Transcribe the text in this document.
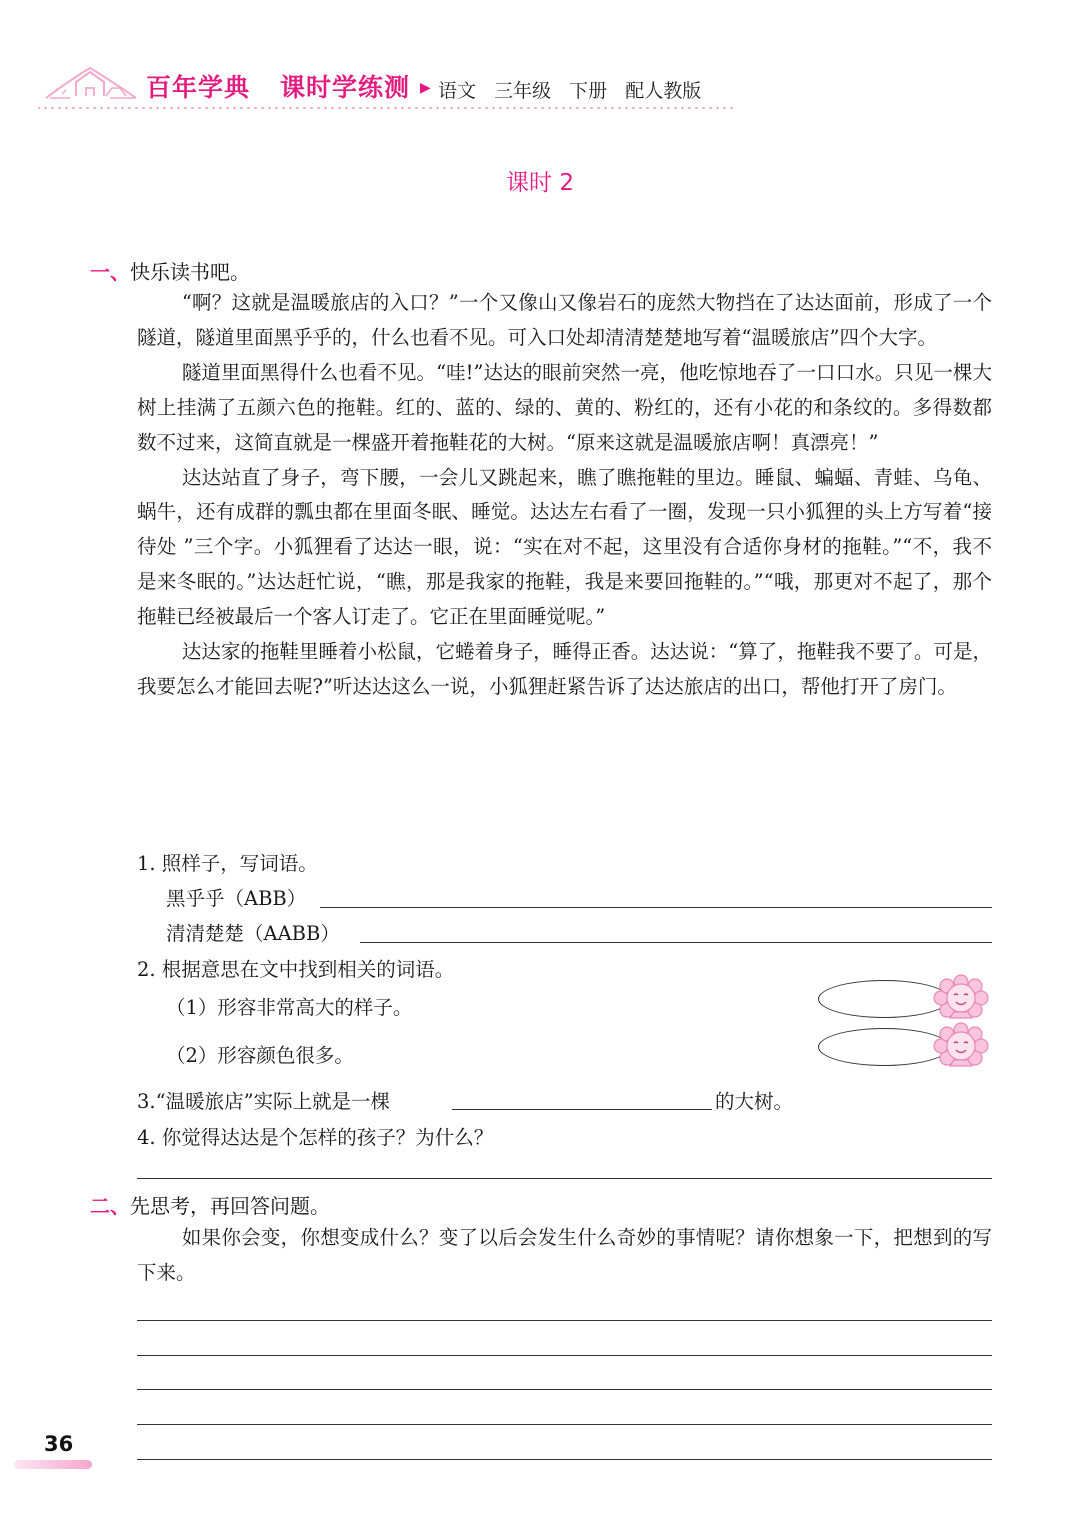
百年学典 课时学练测 ▶ 语文 三年级 下册 配人教版
课时 2
一、快乐读书吧。

“啊？这就是温暖旅店的入口？”一个又像山又像岩石的庞然大物挡在了达达面前，形成了一个隧道，隧道里面黑乎乎的，什么也看不见。可入口处却清清楚楚地写着“温暖旅店”四个大字。

隧道里面黑得什么也看不见。“哇!”达达的眼前突然一亮，他吃惊地吞了一口口水。只见一棵大树上挂满了五颜六色的拖鞋。红的、蓝的、绿的、黄的、粉红的，还有小花的和条纹的。多得数都数不过来，这简直就是一棵盛开着拖鞋花的大树。“原来这就是温暖旅店啊！真漂亮！”

达达站直了身子，弯下腰，一会儿又跳起来，瞧了瞧拖鞋的里边。睡鼠、蝙蝠、青蛙、乌龟、蜗牛，还有成群的瓢虫都在里面冬眠、睡觉。达达左右看了一圈，发现一只小狐狸的头上方写着“接待处 ”三个字。小狐狸看了达达一眼，说：“实在对不起，这里没有合适你身材的拖鞋。”“不，我不是来冬眠的。”达达赶忙说，“瞧，那是我家的拖鞋，我是来要回拖鞋的。”“哦，那更对不起了，那个拖鞋已经被最后一个客人订走了。它正在里面睡觉呢。”

达达家的拖鞋里睡着小松鼠，它蜷着身子，睡得正香。达达说：“算了，拖鞋我不要了。可是，我要怎么才能回去呢?”听达达这么一说，小狐狸赶紧告诉了达达旅店的出口，帮他打开了房门。

1. 照样子，写词语。
黑乎乎（ABB）
清清楚楚（AABB）
2. 根据意思在文中找到相关的词语。
（1）形容非常高大的样子。
（2）形容颜色很多。
3.“温暖旅店”实际上就是一棵	的大树。
4. 你觉得达达是个怎样的孩子？为什么？
二、先思考，再回答问题。

如果你会变，你想变成什么？变了以后会发生什么奇妙的事情呢？请你想象一下，把想到的写下来。

36
